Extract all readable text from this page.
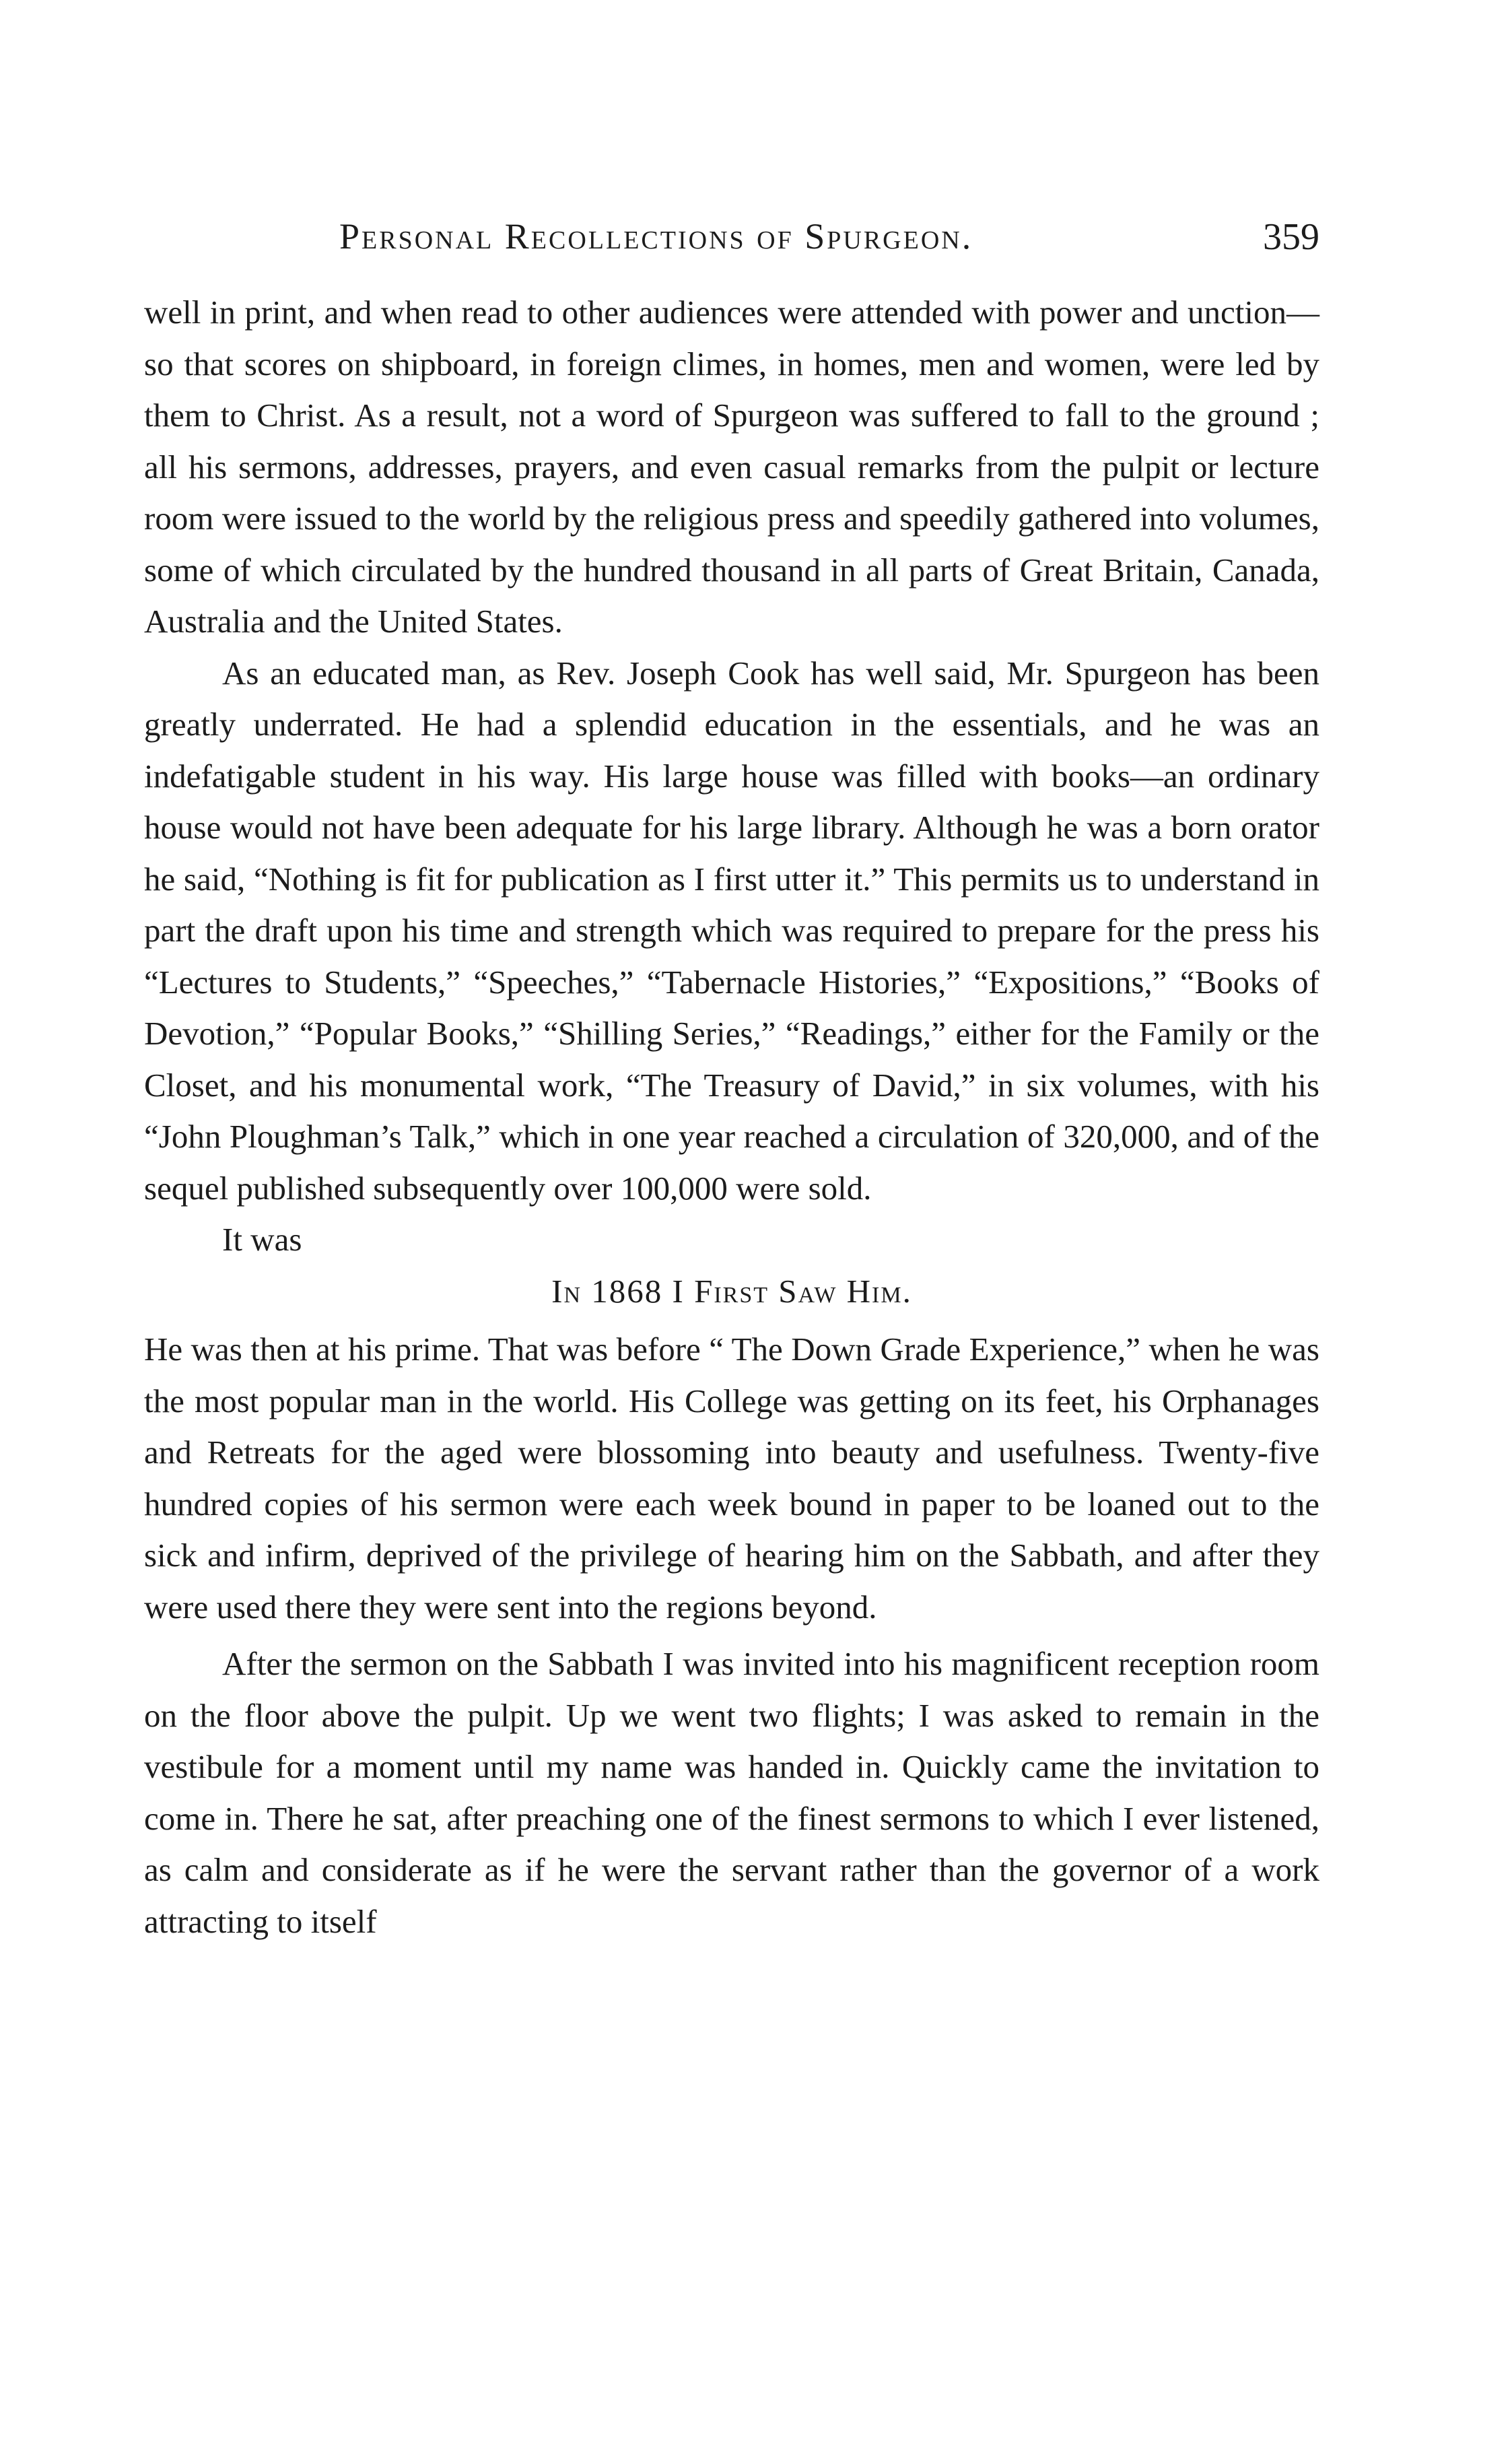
Personal Recollections of Spurgeon.	359

well in print, and when read to other audiences were attended with power and unction—so that scores on shipboard, in foreign climes, in homes, men and women, were led by them to Christ. As a result, not a word of Spurgeon was suffered to fall to the ground ; all his sermons, addresses, prayers, and even casual remarks from the pulpit or lecture room were issued to the world by the religious press and speedily gathered into volumes, some of which circulated by the hundred thousand in all parts of Great Britain, Canada, Australia and the United States.

As an educated man, as Rev. Joseph Cook has well said, Mr. Spurgeon has been greatly underrated. He had a splendid education in the essentials, and he was an indefatigable student in his way. His large house was filled with books—an ordinary house would not have been adequate for his large library. Although he was a born orator he said, “Nothing is fit for publication as I first utter it.” This permits us to understand in part the draft upon his time and strength which was required to prepare for the press his “Lectures to Students,” “Speeches,” “Tabernacle Histories,” “Expositions,” “Books of Devotion,” “Popular Books,” “Shilling Series,” “Readings,” either for the Family or the Closet, and his monumental work, “The Treasury of David,” in six volumes, with his “John Ploughman’s Talk,” which in one year reached a circulation of 320,000, and of the sequel published subsequently over 100,000 were sold.

It was

In 1868 I First Saw Him.

He was then at his prime. That was before “ The Down Grade Experience,” when he was the most popular man in the world. His College was getting on its feet, his Orphanages and Retreats for the aged were blossoming into beauty and usefulness. Twenty-five hundred copies of his sermon were each week bound in paper to be loaned out to the sick and infirm, deprived of the privilege of hearing him on the Sabbath, and after they were used there they were sent into the regions beyond.

After the sermon on the Sabbath I was invited into his magnificent reception room on the floor above the pulpit. Up we went two flights; I was asked to remain in the vestibule for a moment until my name was handed in. Quickly came the invitation to come in. There he sat, after preaching one of the finest sermons to which I ever listened, as calm and considerate as if he were the servant rather than the governor of a work attracting to itself
